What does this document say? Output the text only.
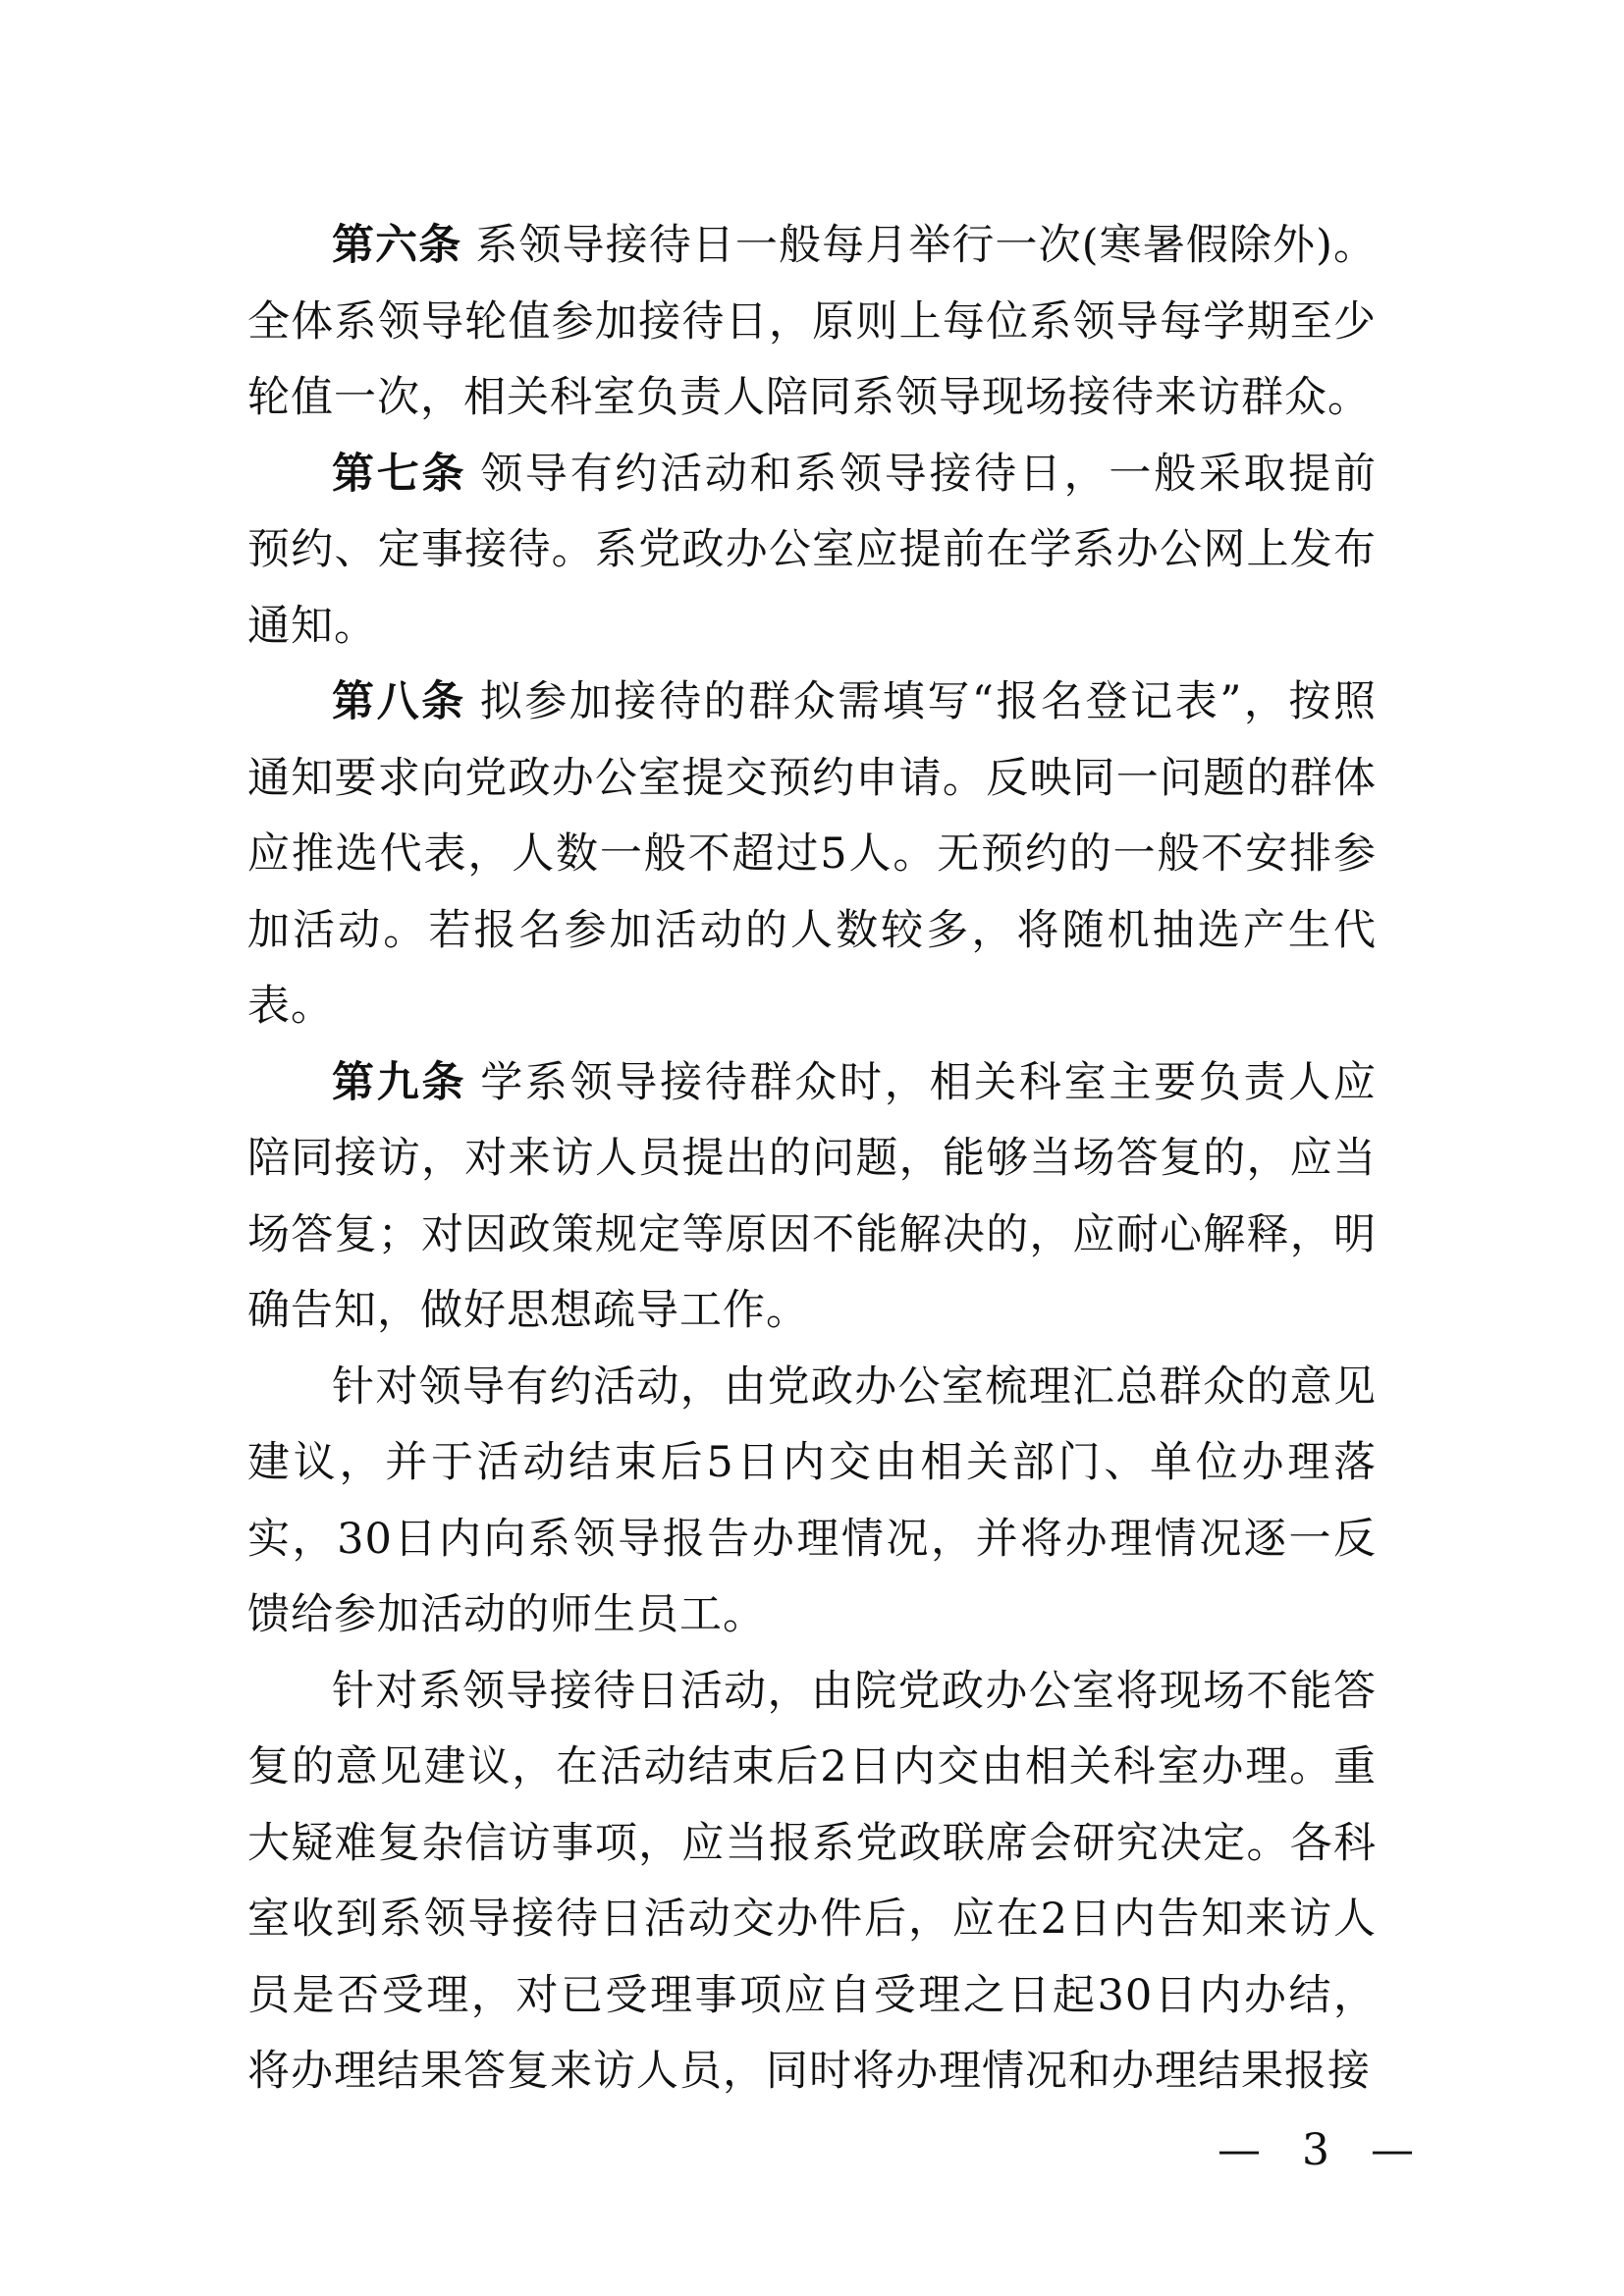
第六条 系领导接待日一般每月举行一次(寒暑假除外)。全体系领导轮值参加接待日，原则上每位系领导每学期至少轮值一次，相关科室负责人陪同系领导现场接待来访群众。

第七条 领导有约活动和系领导接待日，一般采取提前预约、定事接待。系党政办公室应提前在学系办公网上发布通知。

第八条 拟参加接待的群众需填写“报名登记表”，按照通知要求向党政办公室提交预约申请。反映同一问题的群体应推选代表，人数一般不超过5人。无预约的一般不安排参加活动。若报名参加活动的人数较多，将随机抽选产生代表。

第九条 学系领导接待群众时，相关科室主要负责人应陪同接访，对来访人员提出的问题，能够当场答复的，应当场答复；对因政策规定等原因不能解决的，应耐心解释，明确告知，做好思想疏导工作。

针对领导有约活动，由党政办公室梳理汇总群众的意见建议，并于活动结束后5日内交由相关部门、单位办理落实，30日内向系领导报告办理情况，并将办理情况逐一反馈给参加活动的师生员工。

针对系领导接待日活动，由院党政办公室将现场不能答复的意见建议，在活动结束后2日内交由相关科室办理。重大疑难复杂信访事项，应当报系党政联席会研究决定。各科室收到系领导接待日活动交办件后，应在2日内告知来访人员是否受理，对已受理事项应自受理之日起30日内办结，将办理结果答复来访人员，同时将办理情况和办理结果报接

— 3 —
